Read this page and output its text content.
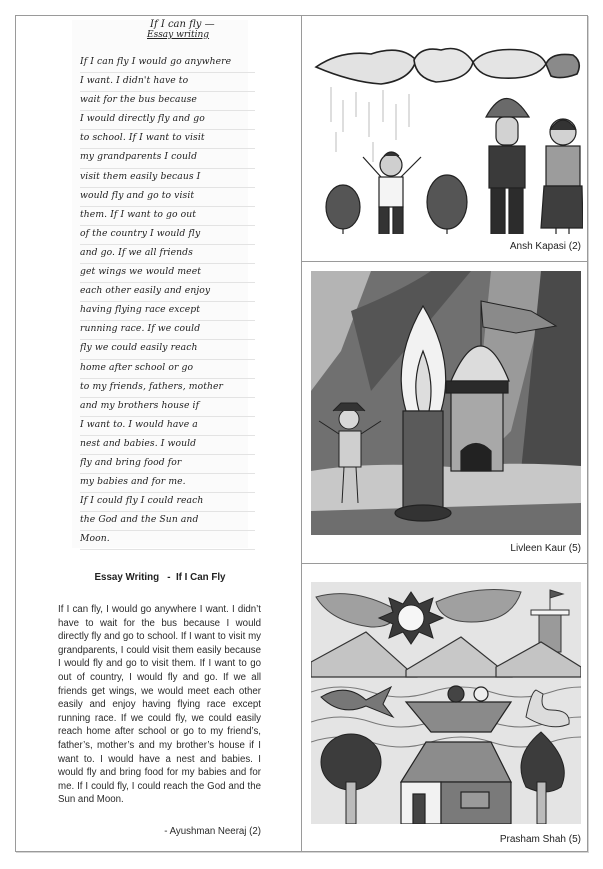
If I can fly —
Essay writing
If I can fly I would go anywhere
I want. I didn't have to
wait for the bus because
I would directly fly and go
to school. If I want to visit
my grandparents I could
visit them easily becaus I
would fly and go to visit
them. If I want to go out
of the country I would fly
and go. If we all friends
get wings we would meet
each other easily and enjoy
having flying race except
running race. If we could
fly we could easily reach
home after school or go
to my friends, fathers, mother
and my brothers house if
I want to. I would have a
nest and babies. I would
fly and bring food for
my babies and for me.
If I could fly I could reach
the God and the Sun and
Moon.
Essay Writing   -  If I Can Fly
If I can fly, I would go anywhere I want. I didn’t have to wait for the bus because I would directly fly and go to school. If I want to visit my grandparents, I could visit them easily because I would fly and go to visit them. If I want to go out of country, I would fly and go. If we all friends get wings, we would meet each other easily and enjoy having flying race except running race. If we could fly, we could easily reach home after school or go to my friend’s, father’s, mother’s and my brother’s house if I want to. I would have a nest and babies. I would fly and bring food for my babies and for me. If I could fly, I could reach the God and the Sun and Moon.
- Ayushman Neeraj (2)
Ansh Kapasi (2)
Livleen Kaur (5)
Prasham Shah (5)
